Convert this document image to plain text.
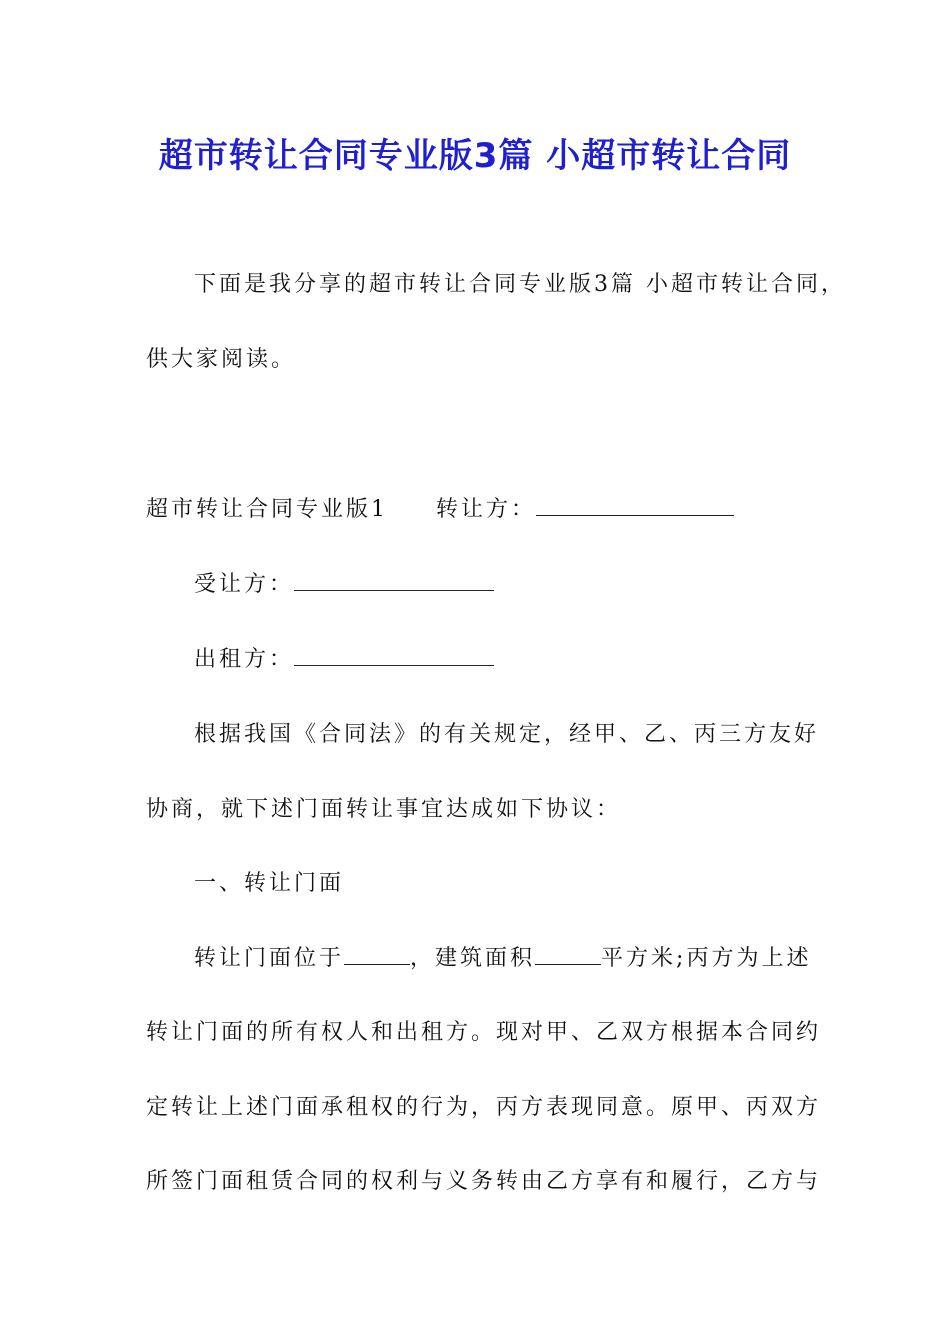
超市转让合同专业版3篇 小超市转让合同
下面是我分享的超市转让合同专业版3篇 小超市转让合同，
供大家阅读。
超市转让合同专业版1 转让方：
受让方：
出租方：
根据我国《合同法》的有关规定，经甲、乙、丙三方友好
协商，就下述门面转让事宜达成如下协议：
一、转让门面
转让门面位于	，建筑面积	平方米;丙方为上述
转让门面的所有权人和出租方。现对甲、乙双方根据本合同约
定转让上述门面承租权的行为，丙方表现同意。原甲、丙双方
所签门面租赁合同的权利与义务转由乙方享有和履行，乙方与
